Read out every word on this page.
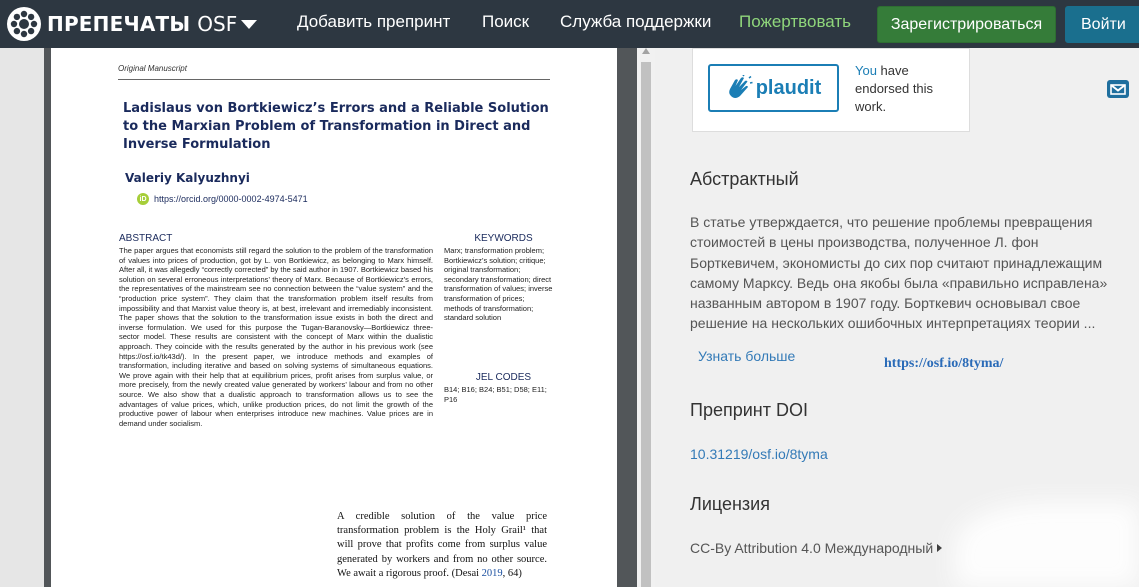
ПРЕПЕЧАТЫ OSF	Добавить препринт Поиск Служба поддержки Пожертвовать	Зарегистрироваться	Войти
Original Manuscript
Ladislaus von Bortkiewicz’s Errors and a Reliable Solution to the Marxian Problem of Transformation in Direct and Inverse Formulation
Valeriy Kalyuzhnyi
iD https://orcid.org/0000-0002-4974-5471
ABSTRACT
The paper argues that economists still regard the solution to the problem of the transformation of values into prices of production, got by L. von Bortkiewicz, as belonging to Marx himself. After all, it was allegedly “correctly corrected” by the said author in 1907. Bortkiewicz based his solution on several erroneous interpretations’ theory of Marx. Because of Bortkiewicz’s errors, the representatives of the mainstream see no connection between the “value system” and the “production price system”. They claim that the transformation problem itself results from impossibility and that Marxist value theory is, at best, irrelevant and irremediably inconsistent. The paper shows that the solution to the transformation issue exists in both the direct and inverse formulation. We used for this purpose the Tugan-Baranovsky—Bortkiewicz three-sector model. These results are consistent with the concept of Marx within the dualistic approach. They coincide with the results generated by the author in his previous work (see https://osf.io/tk43d/). In the present paper, we introduce methods and examples of transformation, including iterative and based on solving systems of simultaneous equations. We prove again with their help that at equilibrium prices, profit arises from surplus value, or more precisely, from the newly created value generated by workers’ labour and from no other source. We also show that a dualistic approach to transformation allows us to see the advantages of value prices, which, unlike production prices, do not limit the growth of the productive power of labour when enterprises introduce new machines. Value prices are in demand under socialism.
KEYWORDS
Marx; transformation problem; Bortkiewicz’s solution; critique; original transformation; secondary transformation; direct transformation of values; inverse transformation of prices; methods of transformation; standard solution
JEL CODES
B14; B16; B24; B51; D58; E11; P16
A credible solution of the value price transformation problem is the Holy Grail¹ that will prove that profits come from surplus value generated by workers and from no other source. We await a rigorous proof. (Desai 2019, 64)
plaudit
You have endorsed this work.
Абстрактный
В статье утверждается, что решение проблемы превращения стоимостей в цены производства, полученное Л. фон Борткевичем, экономисты до сих пор считают принадлежащим самому Марксу. Ведь она якобы была «правильно исправлена» названным автором в 1907 году. Борткевич основывал свое решение на нескольких ошибочных интерпретациях теории ...
Узнать больше	https://osf.io/8tyma/
Препринт DOI
10.31219/osf.io/8tyma
Лицензия
CC-By Attribution 4.0 Международный
